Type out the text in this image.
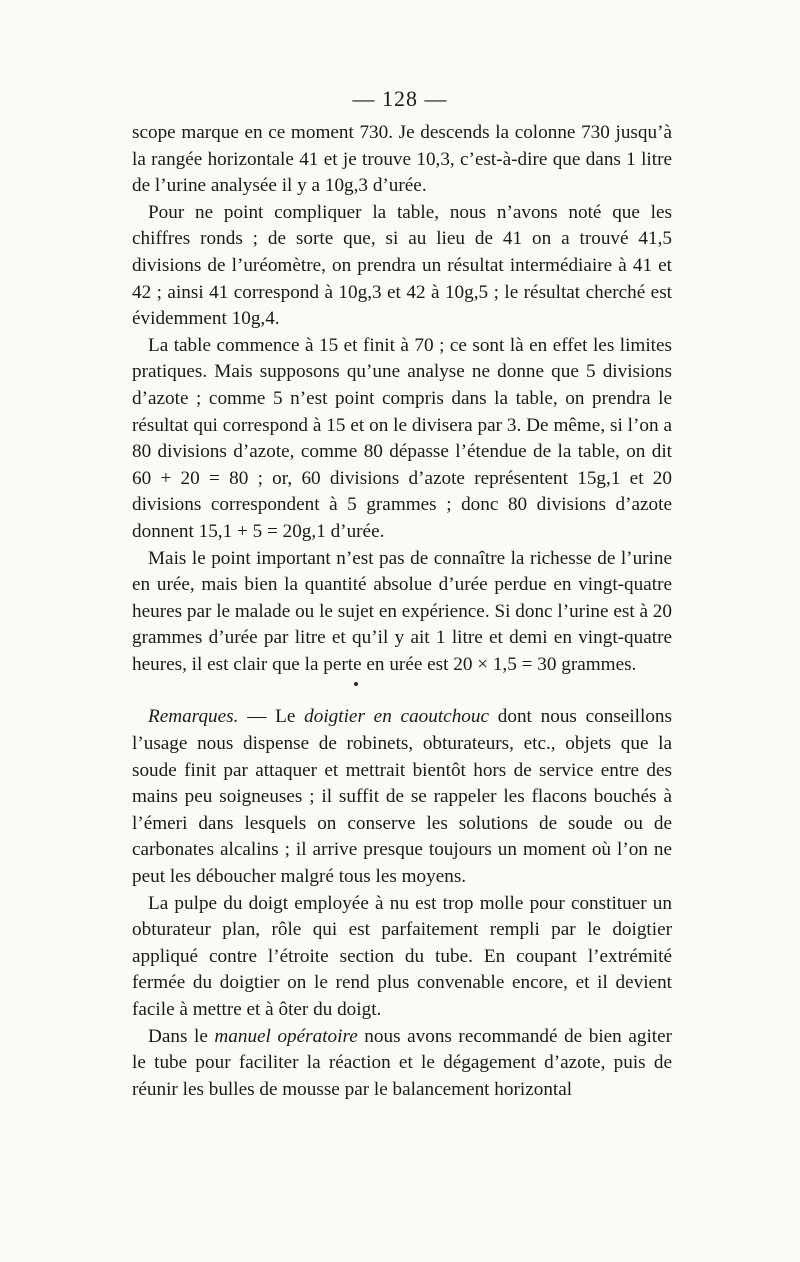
— 128 —

scope marque en ce moment 730. Je descends la colonne 730 jusqu’à la rangée horizontale 41 et je trouve 10,3, c’est-à-dire que dans 1 litre de l’urine analysée il y a 10g,3 d’urée.

Pour ne point compliquer la table, nous n’avons noté que les chiffres ronds ; de sorte que, si au lieu de 41 on a trouvé 41,5 divisions de l’uréomètre, on prendra un résultat intermédiaire à 41 et 42 ; ainsi 41 correspond à 10g,3 et 42 à 10g,5 ; le résultat cherché est évidemment 10g,4.

La table commence à 15 et finit à 70 ; ce sont là en effet les limites pratiques. Mais supposons qu’une analyse ne donne que 5 divisions d’azote ; comme 5 n’est point compris dans la table, on prendra le résultat qui correspond à 15 et on le divisera par 3. De même, si l’on a 80 divisions d’azote, comme 80 dépasse l’étendue de la table, on dit 60 + 20 = 80 ; or, 60 divisions d’azote représentent 15g,1 et 20 divisions correspondent à 5 grammes ; donc 80 divisions d’azote donnent 15,1 + 5 = 20g,1 d’urée.

Mais le point important n’est pas de connaître la richesse de l’urine en urée, mais bien la quantité absolue d’urée perdue en vingt-quatre heures par le malade ou le sujet en expérience. Si donc l’urine est à 20 grammes d’urée par litre et qu’il y ait 1 litre et demi en vingt-quatre heures, il est clair que la perte en urée est 20 × 1,5 = 30 grammes.

Remarques. — Le doigtier en caoutchouc dont nous conseillons l’usage nous dispense de robinets, obturateurs, etc., objets que la soude finit par attaquer et mettrait bientôt hors de service entre des mains peu soigneuses ; il suffit de se rappeler les flacons bouchés à l’émeri dans lesquels on conserve les solutions de soude ou de carbonates alcalins ; il arrive presque toujours un moment où l’on ne peut les déboucher malgré tous les moyens.

La pulpe du doigt employée à nu est trop molle pour constituer un obturateur plan, rôle qui est parfaitement rempli par le doigtier appliqué contre l’étroite section du tube. En coupant l’extrémité fermée du doigtier on le rend plus convenable encore, et il devient facile à mettre et à ôter du doigt.

Dans le manuel opératoire nous avons recommandé de bien agiter le tube pour faciliter la réaction et le dégagement d’azote, puis de réunir les bulles de mousse par le balancement horizontal
